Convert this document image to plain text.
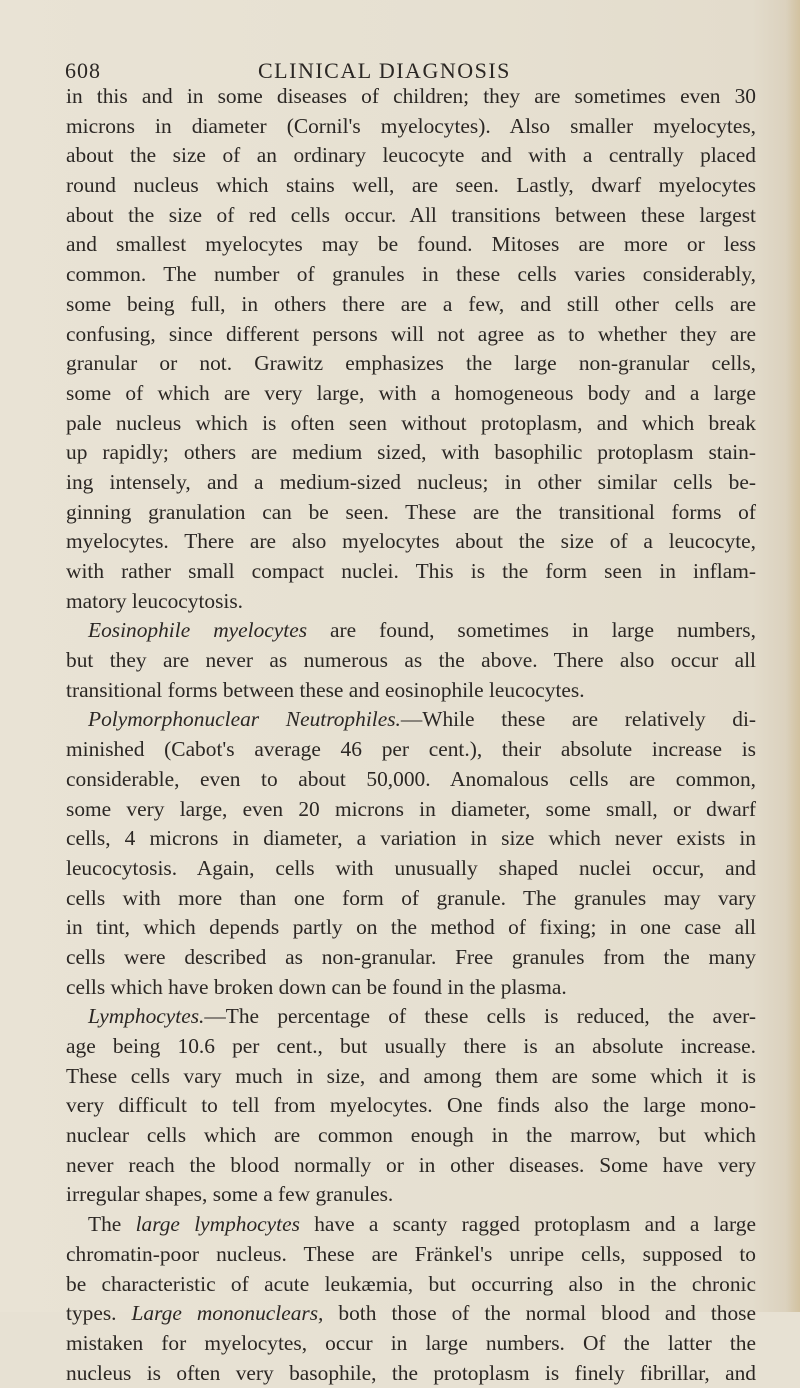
608	CLINICAL DIAGNOSIS
in this and in some diseases of children; they are sometimes even 30
microns in diameter (Cornil's myelocytes). Also smaller myelocytes,
about the size of an ordinary leucocyte and with a centrally placed
round nucleus which stains well, are seen. Lastly, dwarf myelocytes
about the size of red cells occur. All transitions between these largest
and smallest myelocytes may be found. Mitoses are more or less
common. The number of granules in these cells varies considerably,
some being full, in others there are a few, and still other cells are
confusing, since different persons will not agree as to whether they are
granular or not. Grawitz emphasizes the large non-granular cells,
some of which are very large, with a homogeneous body and a large
pale nucleus which is often seen without protoplasm, and which break
up rapidly; others are medium sized, with basophilic protoplasm stain-
ing intensely, and a medium-sized nucleus; in other similar cells be-
ginning granulation can be seen. These are the transitional forms of
myelocytes. There are also myelocytes about the size of a leucocyte,
with rather small compact nuclei. This is the form seen in inflam-
matory leucocytosis.
Eosinophile myelocytes are found, sometimes in large numbers,
but they are never as numerous as the above. There also occur all
transitional forms between these and eosinophile leucocytes.
Polymorphonuclear Neutrophiles.—While these are relatively di-
minished (Cabot's average 46 per cent.), their absolute increase is
considerable, even to about 50,000. Anomalous cells are common,
some very large, even 20 microns in diameter, some small, or dwarf
cells, 4 microns in diameter, a variation in size which never exists in
leucocytosis. Again, cells with unusually shaped nuclei occur, and
cells with more than one form of granule. The granules may vary
in tint, which depends partly on the method of fixing; in one case all
cells were described as non-granular. Free granules from the many
cells which have broken down can be found in the plasma.
Lymphocytes.—The percentage of these cells is reduced, the aver-
age being 10.6 per cent., but usually there is an absolute increase.
These cells vary much in size, and among them are some which it is
very difficult to tell from myelocytes. One finds also the large mono-
nuclear cells which are common enough in the marrow, but which
never reach the blood normally or in other diseases. Some have very
irregular shapes, some a few granules.
The large lymphocytes have a scanty ragged protoplasm and a large
chromatin-poor nucleus. These are Fränkel's unripe cells, supposed to
be characteristic of acute leukæmia, but occurring also in the chronic
types. Large mononuclears, both those of the normal blood and those
mistaken for myelocytes, occur in large numbers. Of the latter the
nucleus is often very basophile, the protoplasm is finely fibrillar, and
